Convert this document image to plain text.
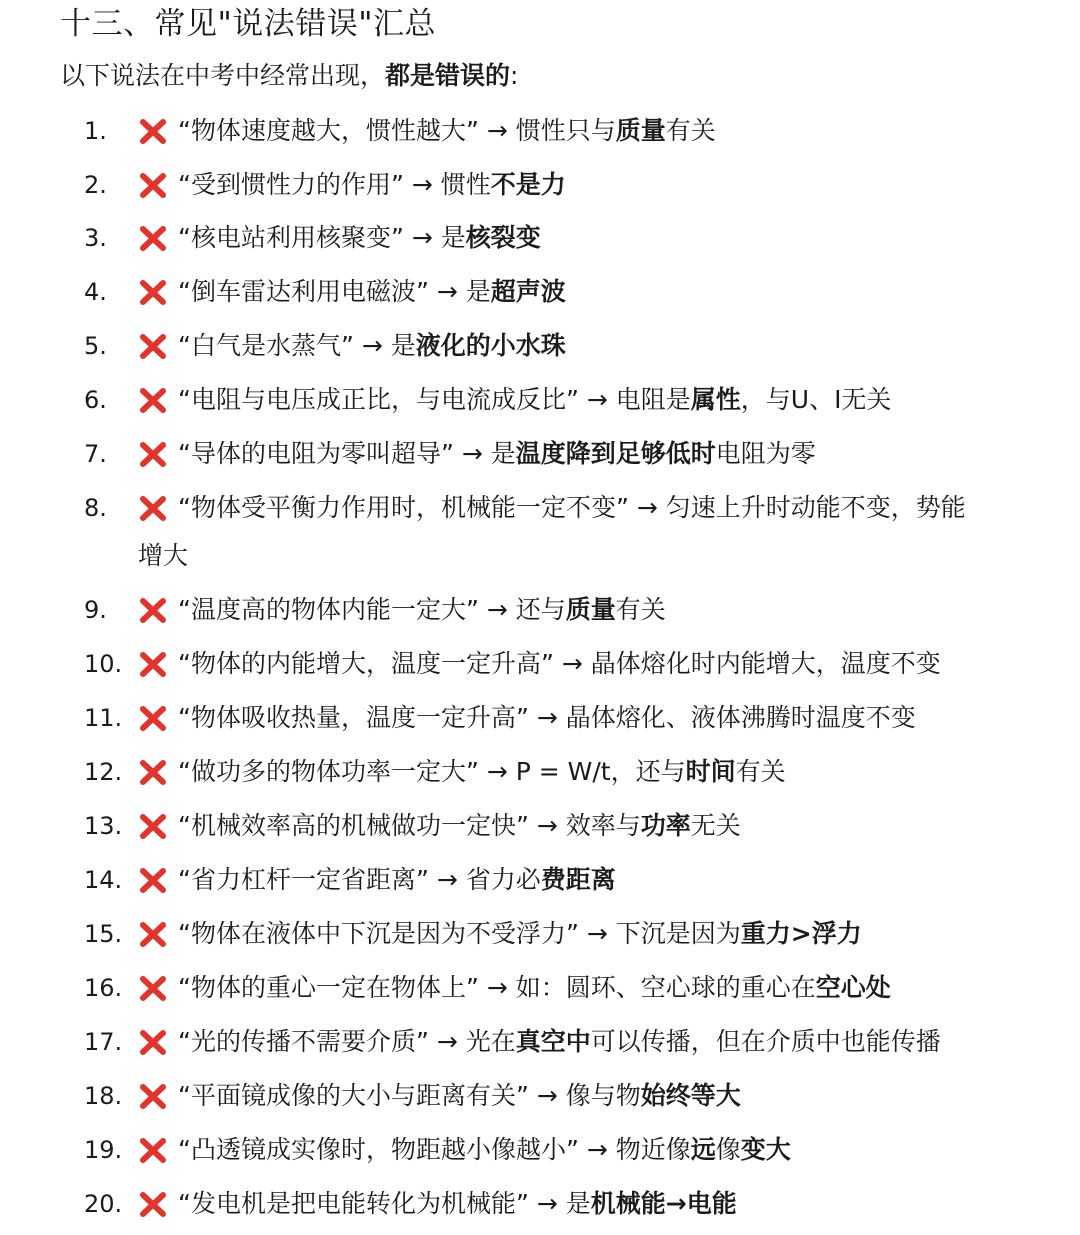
十三、常见"说法错误"汇总

以下说法在中考中经常出现，都是错误的:

1.	“物体速度越大，惯性越大” → 惯性只与质量有关
2.	“受到惯性力的作用” → 惯性不是力
3.	“核电站利用核聚变” → 是核裂变
4.	“倒车雷达利用电磁波” → 是超声波
5.	“白气是水蒸气” → 是液化的小水珠
6.	“电阻与电压成正比，与电流成反比” → 电阻是属性，与U、I无关
7.	“导体的电阻为零叫超导” → 是温度降到足够低时电阻为零
8.	“物体受平衡力作用时，机械能一定不变” → 匀速上升时动能不变，势能
增大
9.	“温度高的物体内能一定大” → 还与质量有关
10. “物体的内能增大，温度一定升高” → 晶体熔化时内能增大，温度不变
11. “物体吸收热量，温度一定升高” → 晶体熔化、液体沸腾时温度不变
12. “做功多的物体功率一定大” → P = W/t，还与时间有关
13. “机械效率高的机械做功一定快” → 效率与功率无关
14. “省力杠杆一定省距离” → 省力必费距离
15. “物体在液体中下沉是因为不受浮力” → 下沉是因为重力>浮力
16. “物体的重心一定在物体上” → 如：圆环、空心球的重心在空心处
17. “光的传播不需要介质” → 光在真空中可以传播，但在介质中也能传播
18. “平面镜成像的大小与距离有关” → 像与物始终等大
19. “凸透镜成实像时，物距越小像越小” → 物近像远像变大
20. “发电机是把电能转化为机械能” → 是机械能→电能
